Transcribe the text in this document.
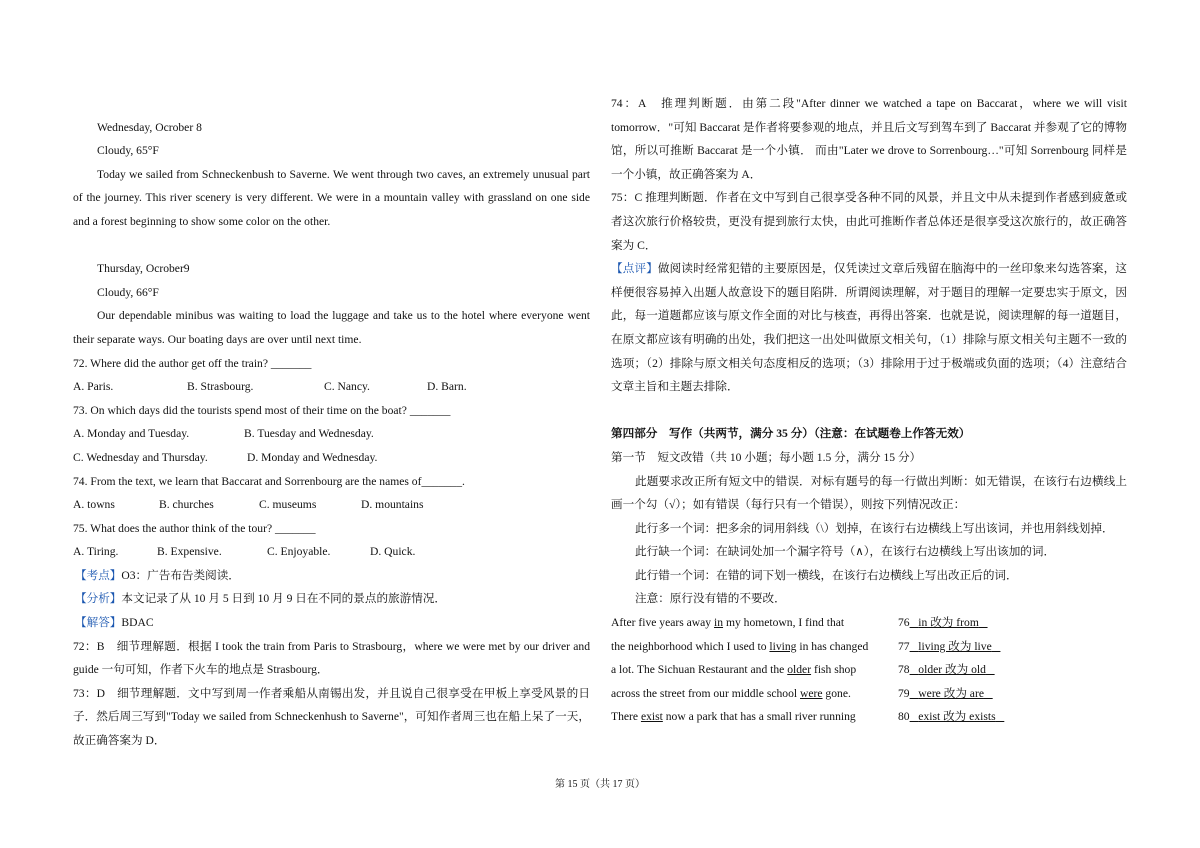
Wednesday, Ocrober 8

Cloudy, 65°F

Today we sailed from Schneckenbush to Saverne. We went through two caves, an extremely unusual part of the journey. This river scenery is very different. We were in a mountain valley with grassland on one side and a forest beginning to show some color on the other.

Thursday, Ocrober9

Cloudy, 66°F

Our dependable minibus was waiting to load the luggage and take us to the hotel where everyone went their separate ways. Our boating days are over until next time.

72. Where did the author get off the train? _______

A. Paris.	B. Strasbourg.	C. Nancy.	D. Barn.

73. On which days did the tourists spend most of their time on the boat? _______

A. Monday and Tuesday.	B. Tuesday and Wednesday.
C. Wednesday and Thursday.	D. Monday and Wednesday.

74. From the text, we learn that Baccarat and Sorrenbourg are the names of_______.

A. towns	B. churches	C. museums	D. mountains

75. What does the author think of the tour? _______

A. Tiring.	B. Expensive.	C. Enjoyable.	D. Quick.

【考点】O3：广告布告类阅读．

【分析】本文记录了从 10 月 5 日到 10 月 9 日在不同的景点的旅游情况．

【解答】BDAC

72：B　细节理解题．根据 I took the train from Paris to Strasbourg，where we were met by our driver and guide 一句可知，作者下火车的地点是 Strasbourg．

73：D　细节理解题．文中写到周一作者乘船从南锡出发，并且说自己很享受在甲板上享受风景的日子．然后周三写到"Today we sailed from Schneckenhush to Saverne"，可知作者周三也在船上呆了一天，故正确答案为 D．

74：A　推理判断题．由第二段"After dinner we watched a tape on Baccarat，where we will visit tomorrow．"可知 Baccarat 是作者将要参观的地点，并且后文写到驾车到了 Baccarat 并参观了它的博物馆，所以可推断 Baccarat 是一个小镇． 而由"Later we drove to Sorrenbourg…"可知 Sorrenbourg 同样是一个小镇，故正确答案为 A．

75：C 推理判断题．作者在文中写到自己很享受各种不同的风景，并且文中从未提到作者感到疲惫或者这次旅行价格较贵，更没有提到旅行太快，由此可推断作者总体还是很享受这次旅行的，故正确答案为 C．

【点评】做阅读时经常犯错的主要原因是，仅凭读过文章后残留在脑海中的一丝印象来勾选答案，这样便很容易掉入出题人故意设下的题目陷阱．所谓阅读理解，对于题目的理解一定要忠实于原文，因此，每一道题都应该与原文作全面的对比与核查，再得出答案．也就是说，阅读理解的每一道题目，在原文都应该有明确的出处，我们把这一出处叫做原文相关句，（1）排除与原文相关句主题不一致的选项；（2）排除与原文相关句态度相反的选项；（3）排除用于过于极端或负面的选项；（4）注意结合文章主旨和主题去排除．

第四部分　写作（共两节，满分 35 分）（注意：在试题卷上作答无效）

第一节　短文改错（共 10 小题；每小题 1.5 分，满分 15 分）

此题要求改正所有短文中的错误．对标有题号的每一行做出判断：如无错误，在该行右边横线上画一个勾（√）；如有错误（每行只有一个错误），则按下列情况改正：

此行多一个词：把多余的词用斜线（\）划掉，在该行右边横线上写出该词，并也用斜线划掉．

此行缺一个词：在缺词处加一个漏字符号（∧），在该行右边横线上写出该加的词．

此行错一个词：在错的词下划一横线，在该行右边横线上写出改正后的词．

注意：原行没有错的不要改．

After five years away in my hometown, I find that	76 in 改为 from
the neighborhood which I used to living in has changed	77 living 改为 live
a lot. The Sichuan Restaurant and the older fish shop	78 older 改为 old
across the street from our middle school were gone.	79 were 改为 are
There exist now a park that has a small river running	80 exist 改为 exists
第 15 页（共 17 页）
